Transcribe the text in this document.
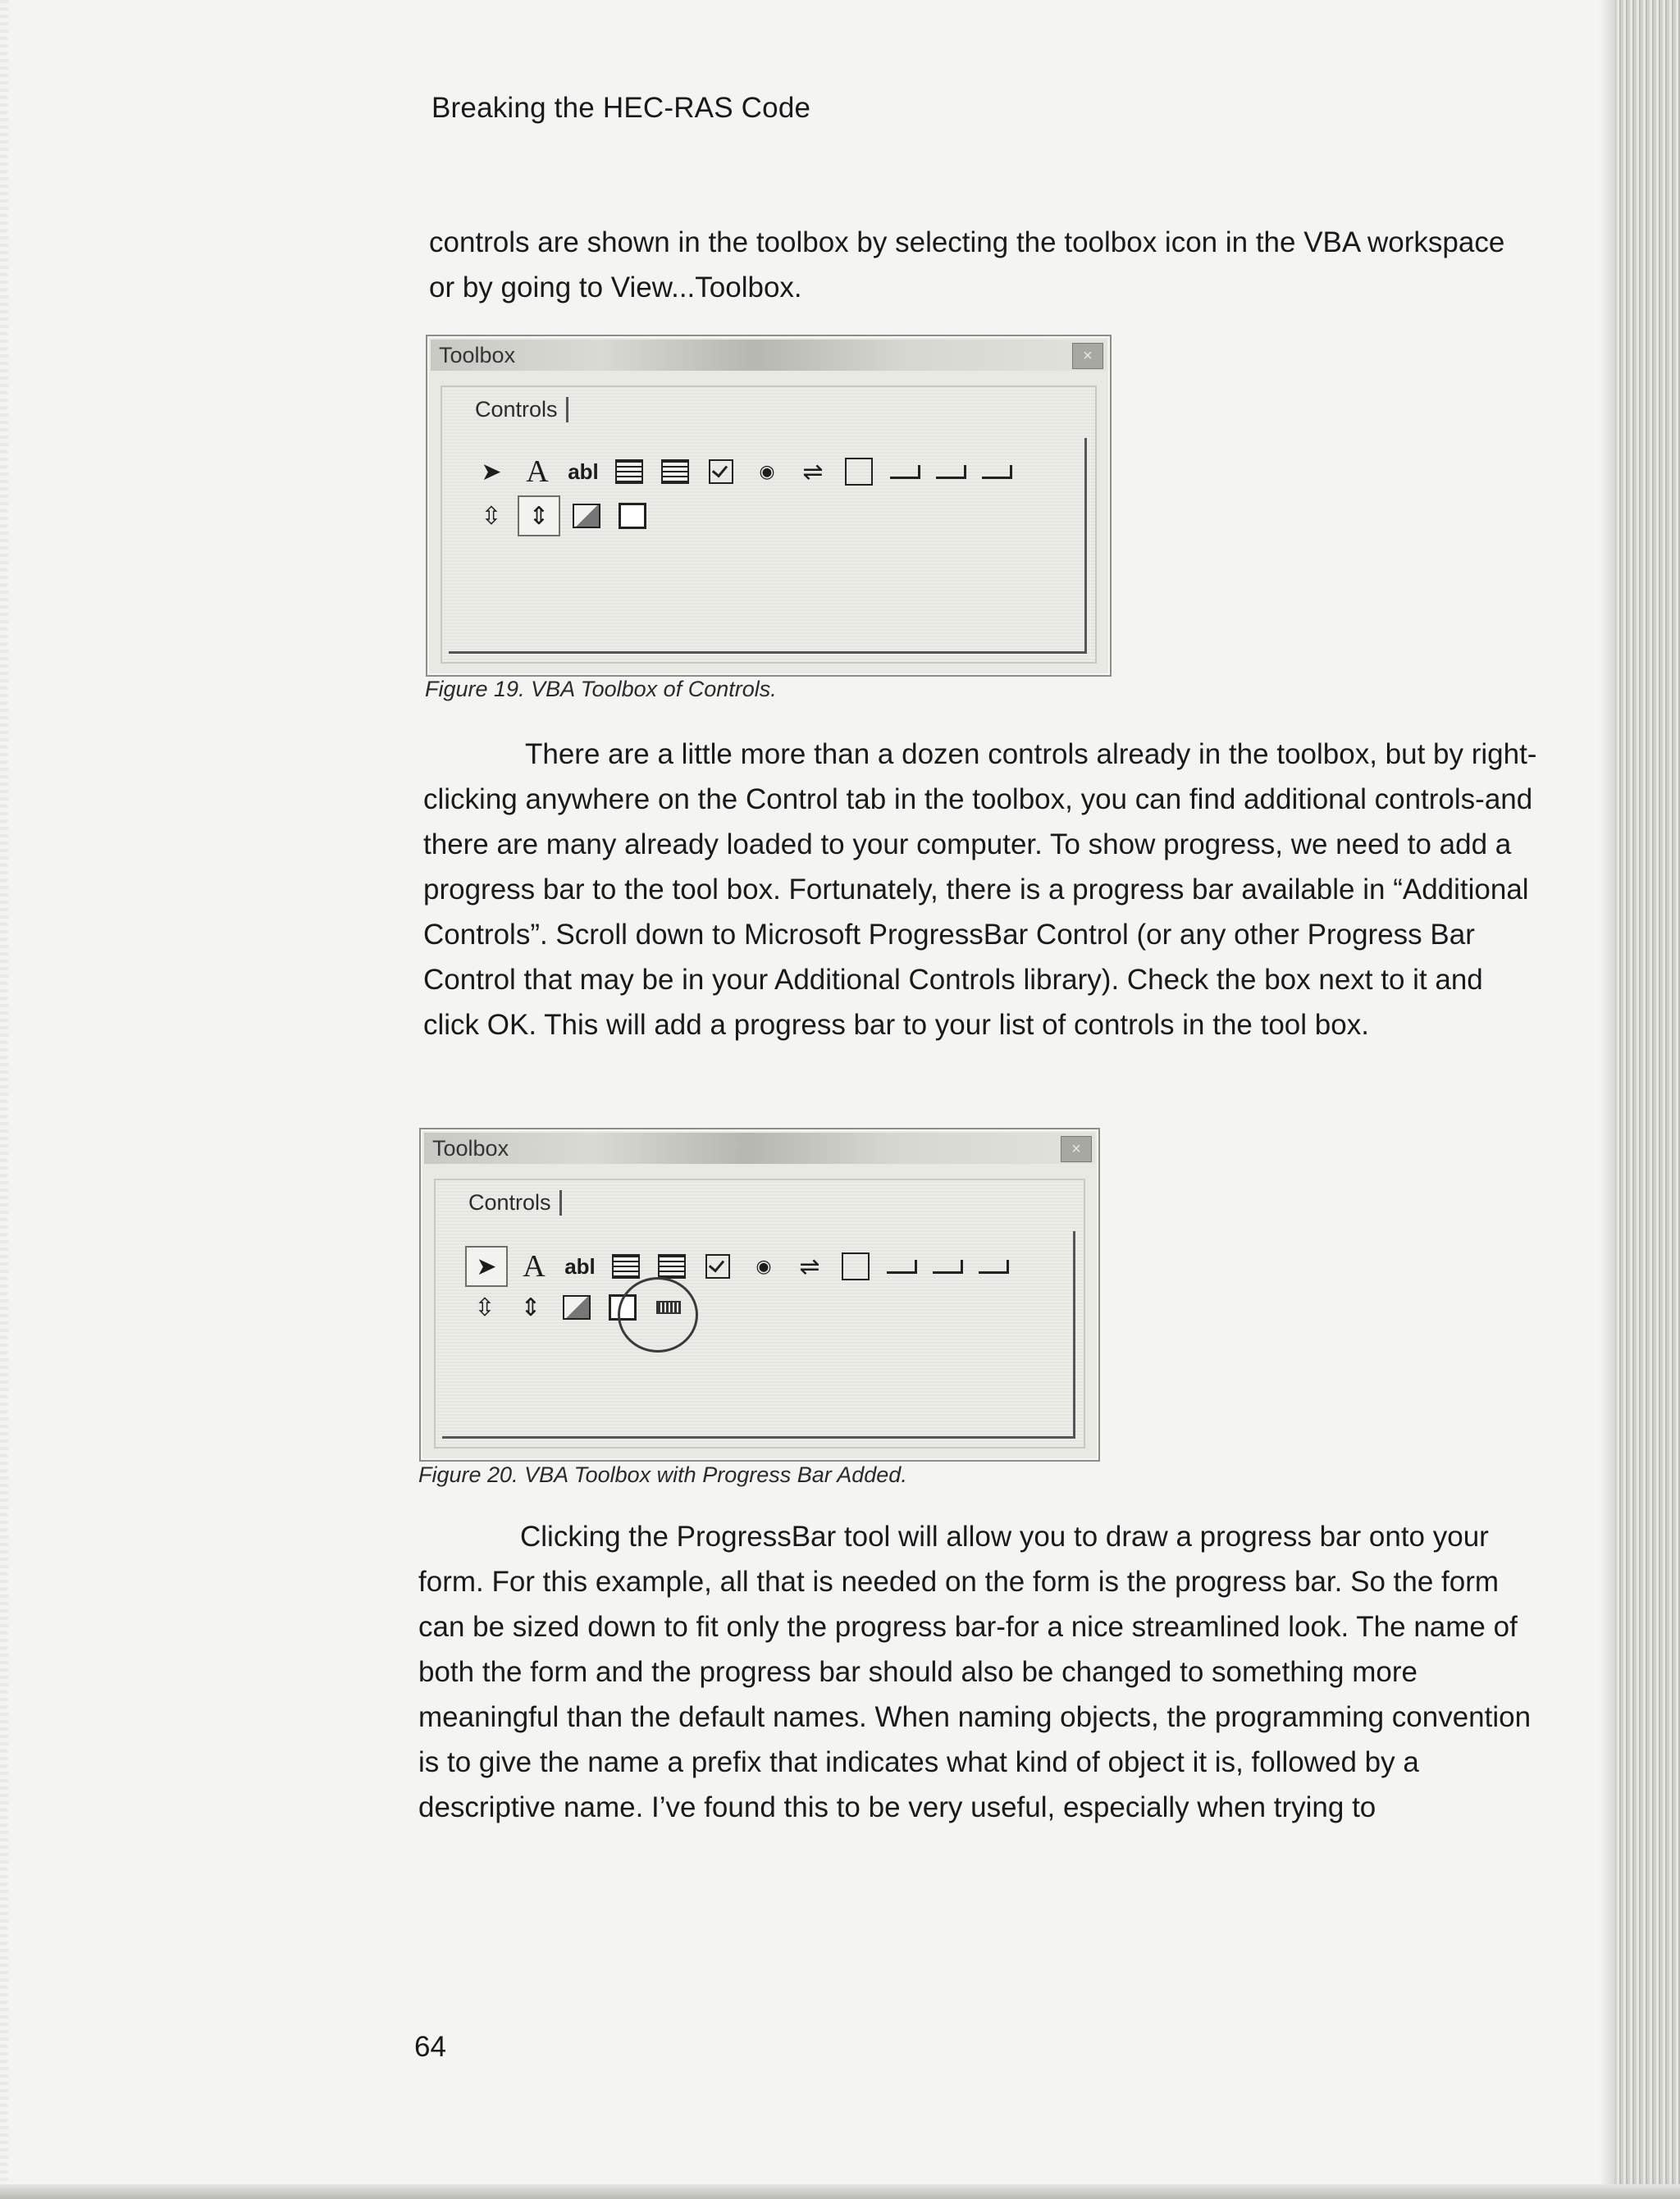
Breaking the HEC-RAS Code

controls are shown in the toolbox by selecting the toolbox icon in the VBA workspace or by going to View...Toolbox.

Toolbox	×
Controls
➤ A abl	◉	⇌
⇳	⇕
Figure 19. VBA Toolbox of Controls.

There are a little more than a dozen controls already in the toolbox, but by right-clicking anywhere on the Control tab in the toolbox, you can find additional controls-and there are many already loaded to your computer. To show progress, we need to add a progress bar to the tool box. Fortunately, there is a progress bar available in “Additional Controls”. Scroll down to Microsoft ProgressBar Control (or any other Progress Bar Control that may be in your Additional Controls library). Check the box next to it and click OK. This will add a progress bar to your list of controls in the tool box.

Toolbox	×
Controls
➤ A abl	◉	⇌
⇳	⇕
Figure 20. VBA Toolbox with Progress Bar Added.

Clicking the ProgressBar tool will allow you to draw a progress bar onto your form. For this example, all that is needed on the form is the progress bar. So the form can be sized down to fit only the progress bar-for a nice streamlined look. The name of both the form and the progress bar should also be changed to something more meaningful than the default names. When naming objects, the programming convention is to give the name a prefix that indicates what kind of object it is, followed by a descriptive name. I’ve found this to be very useful, especially when trying to

64
